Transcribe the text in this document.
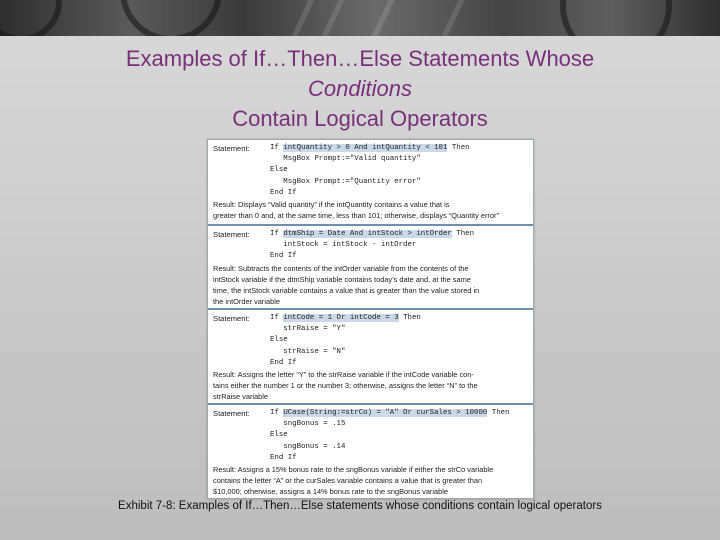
Examples of If…Then…Else Statements Whose
Conditions
Contain Logical Operators
Statement:	If intQuantity > 0 And intQuantity < 101 Then
MsgBox Prompt:="Valid quantity"
Else
MsgBox Prompt:="Quantity error"
End If
Result: Displays “Valid quantity” if the intQuantity contains a value that is
greater than 0 and, at the same time, less than 101; otherwise, displays “Quantity error”
Statement:	If dtmShip = Date And intStock > intOrder Then
intStock = intStock - intOrder
End If
Result: Subtracts the contents of the intOrder variable from the contents of the
intStock variable if the dtmShip variable contains today’s date and, at the same
time, the intStock variable contains a value that is greater than the value stored in
the intOrder variable
Statement:	If intCode = 1 Or intCode = 3 Then
strRaise = "Y"
Else
strRaise = "N"
End If
Result: Assigns the letter “Y” to the strRaise variable if the intCode variable con-
tains either the number 1 or the number 3; otherwise, assigns the letter “N” to the
strRaise variable
Statement:	If UCase(String:=strCo) = "A" Or curSales > 10000 Then
sngBonus = .15
Else
sngBonus = .14
End If
Result: Assigns a 15% bonus rate to the sngBonus variable if either the strCo variable
contains the letter “A” or the curSales variable contains a value that is greater than
$10,000; otherwise, assigns a 14% bonus rate to the sngBonus variable
Exhibit 7-8: Examples of If…Then…Else statements whose conditions contain logical operators
